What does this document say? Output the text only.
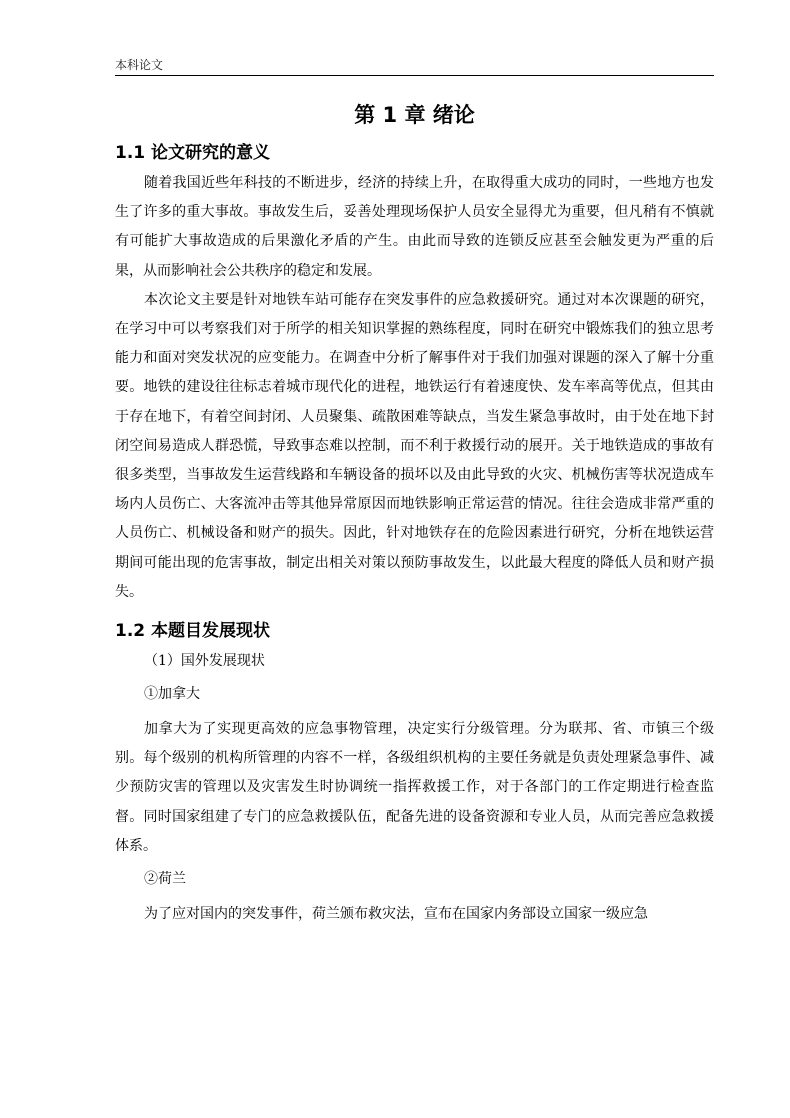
本科论文
第 1 章 绪论
1.1 论文研究的意义

随着我国近些年科技的不断进步，经济的持续上升，在取得重大成功的同时，一些地方也发生了许多的重大事故。事故发生后，妥善处理现场保护人员安全显得尤为重要，但凡稍有不慎就有可能扩大事故造成的后果激化矛盾的产生。由此而导致的连锁反应甚至会触发更为严重的后果，从而影响社会公共秩序的稳定和发展。

本次论文主要是针对地铁车站可能存在突发事件的应急救援研究。通过对本次课题的研究，在学习中可以考察我们对于所学的相关知识掌握的熟练程度，同时在研究中锻炼我们的独立思考能力和面对突发状况的应变能力。在调查中分析了解事件对于我们加强对课题的深入了解十分重要。地铁的建设往往标志着城市现代化的进程，地铁运行有着速度快、发车率高等优点，但其由于存在地下，有着空间封闭、人员聚集、疏散困难等缺点，当发生紧急事故时，由于处在地下封闭空间易造成人群恐慌，导致事态难以控制，而不利于救援行动的展开。关于地铁造成的事故有很多类型，当事故发生运营线路和车辆设备的损坏以及由此导致的火灾、机械伤害等状况造成车场内人员伤亡、大客流冲击等其他异常原因而地铁影响正常运营的情况。往往会造成非常严重的人员伤亡、机械设备和财产的损失。因此，针对地铁存在的危险因素进行研究，分析在地铁运营期间可能出现的危害事故，制定出相关对策以预防事故发生，以此最大程度的降低人员和财产损失。

1.2 本题目发展现状

（1）国外发展现状

①加拿大

加拿大为了实现更高效的应急事物管理，决定实行分级管理。分为联邦、省、市镇三个级别。每个级别的机构所管理的内容不一样，各级组织机构的主要任务就是负责处理紧急事件、减少预防灾害的管理以及灾害发生时协调统一指挥救援工作，对于各部门的工作定期进行检查监督。同时国家组建了专门的应急救援队伍，配备先进的设备资源和专业人员，从而完善应急救援体系。

②荷兰

为了应对国内的突发事件，荷兰颁布救灾法，宣布在国家内务部设立国家一级应急
